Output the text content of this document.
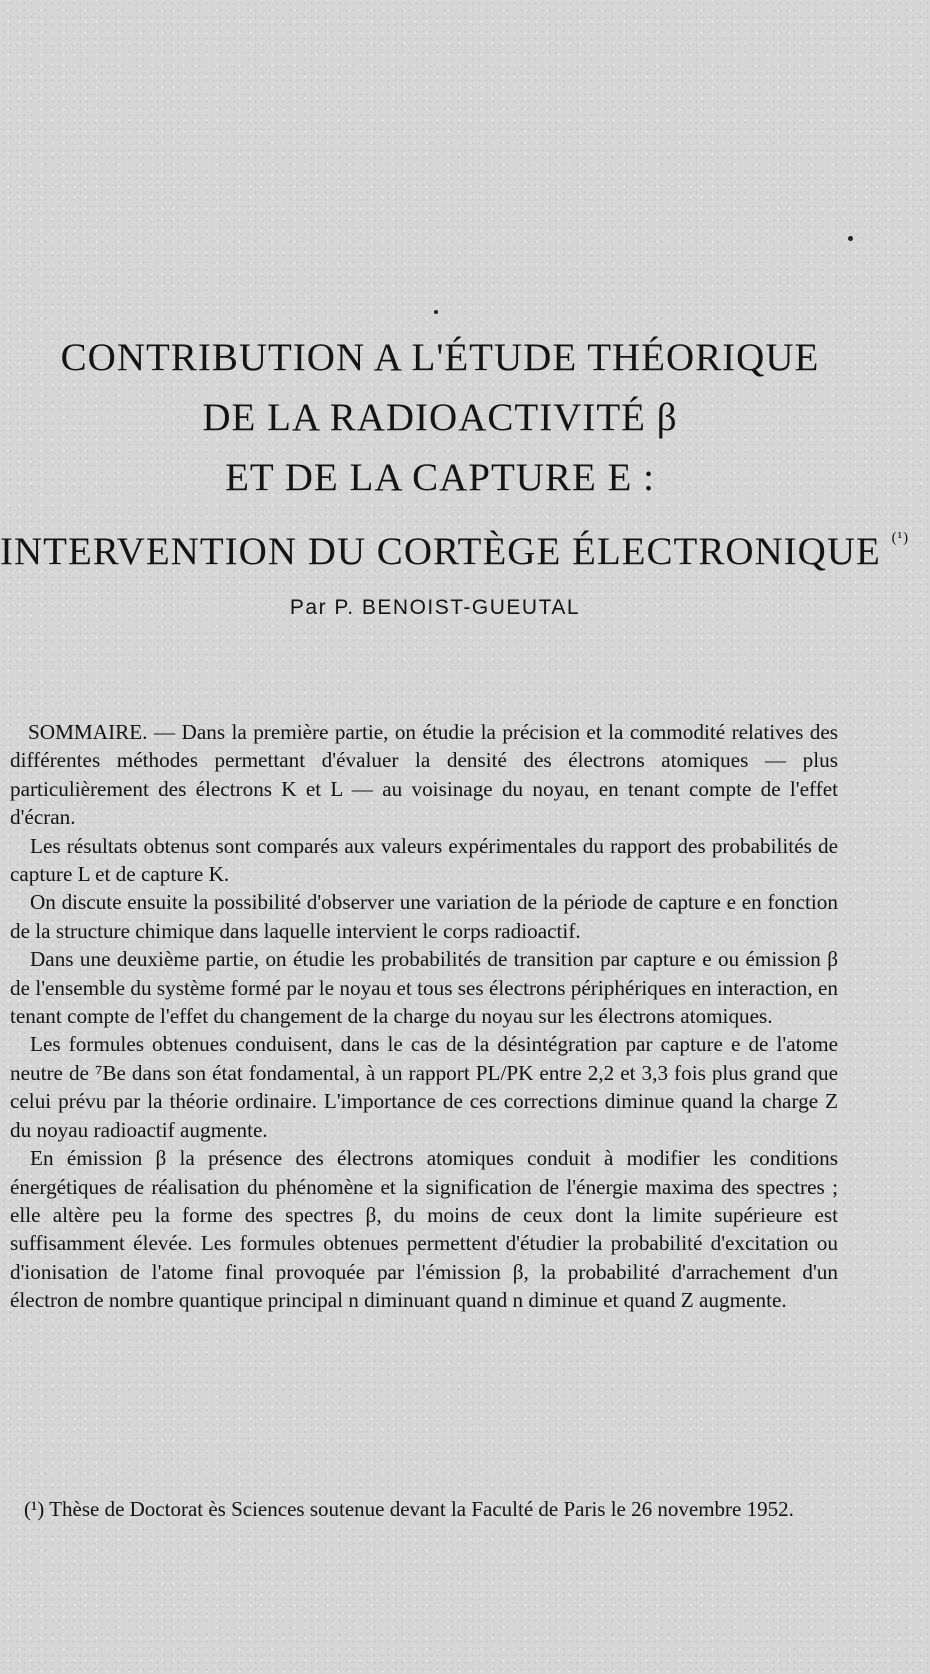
CONTRIBUTION A L'ÉTUDE THÉORIQUE
DE LA RADIOACTIVITÉ β
ET DE LA CAPTURE E :
INTERVENTION DU CORTÈGE ÉLECTRONIQUE $^{(^1)}$
Par P. BENOIST-GUEUTAL

SOMMAIRE. — Dans la première partie, on étudie la précision et la commodité relatives des différentes méthodes permettant d'évaluer la densité des électrons atomiques — plus particulièrement des électrons K et L — au voisinage du noyau, en tenant compte de l'effet d'écran.

Les résultats obtenus sont comparés aux valeurs expérimentales du rapport des probabilités de capture L et de capture K.

On discute ensuite la possibilité d'observer une variation de la période de capture e en fonction de la structure chimique dans laquelle intervient le corps radioactif.

Dans une deuxième partie, on étudie les probabilités de transition par capture e ou émission β de l'ensemble du système formé par le noyau et tous ses électrons périphériques en interaction, en tenant compte de l'effet du changement de la charge du noyau sur les électrons atomiques.

Les formules obtenues conduisent, dans le cas de la désintégration par capture e de l'atome neutre de ⁷Be dans son état fondamental, à un rapport PL/PK entre 2,2 et 3,3 fois plus grand que celui prévu par la théorie ordinaire. L'importance de ces corrections diminue quand la charge Z du noyau radioactif augmente.

En émission β la présence des électrons atomiques conduit à modifier les conditions énergétiques de réalisation du phénomène et la signification de l'énergie maxima des spectres ; elle altère peu la forme des spectres β, du moins de ceux dont la limite supérieure est suffisamment élevée. Les formules obtenues permettent d'étudier la probabilité d'excitation ou d'ionisation de l'atome final provoquée par l'émission β, la probabilité d'arrachement d'un électron de nombre quantique principal n diminuant quand n diminue et quand Z augmente.

(¹) Thèse de Doctorat ès Sciences soutenue devant la Faculté de Paris le 26 novembre 1952.
